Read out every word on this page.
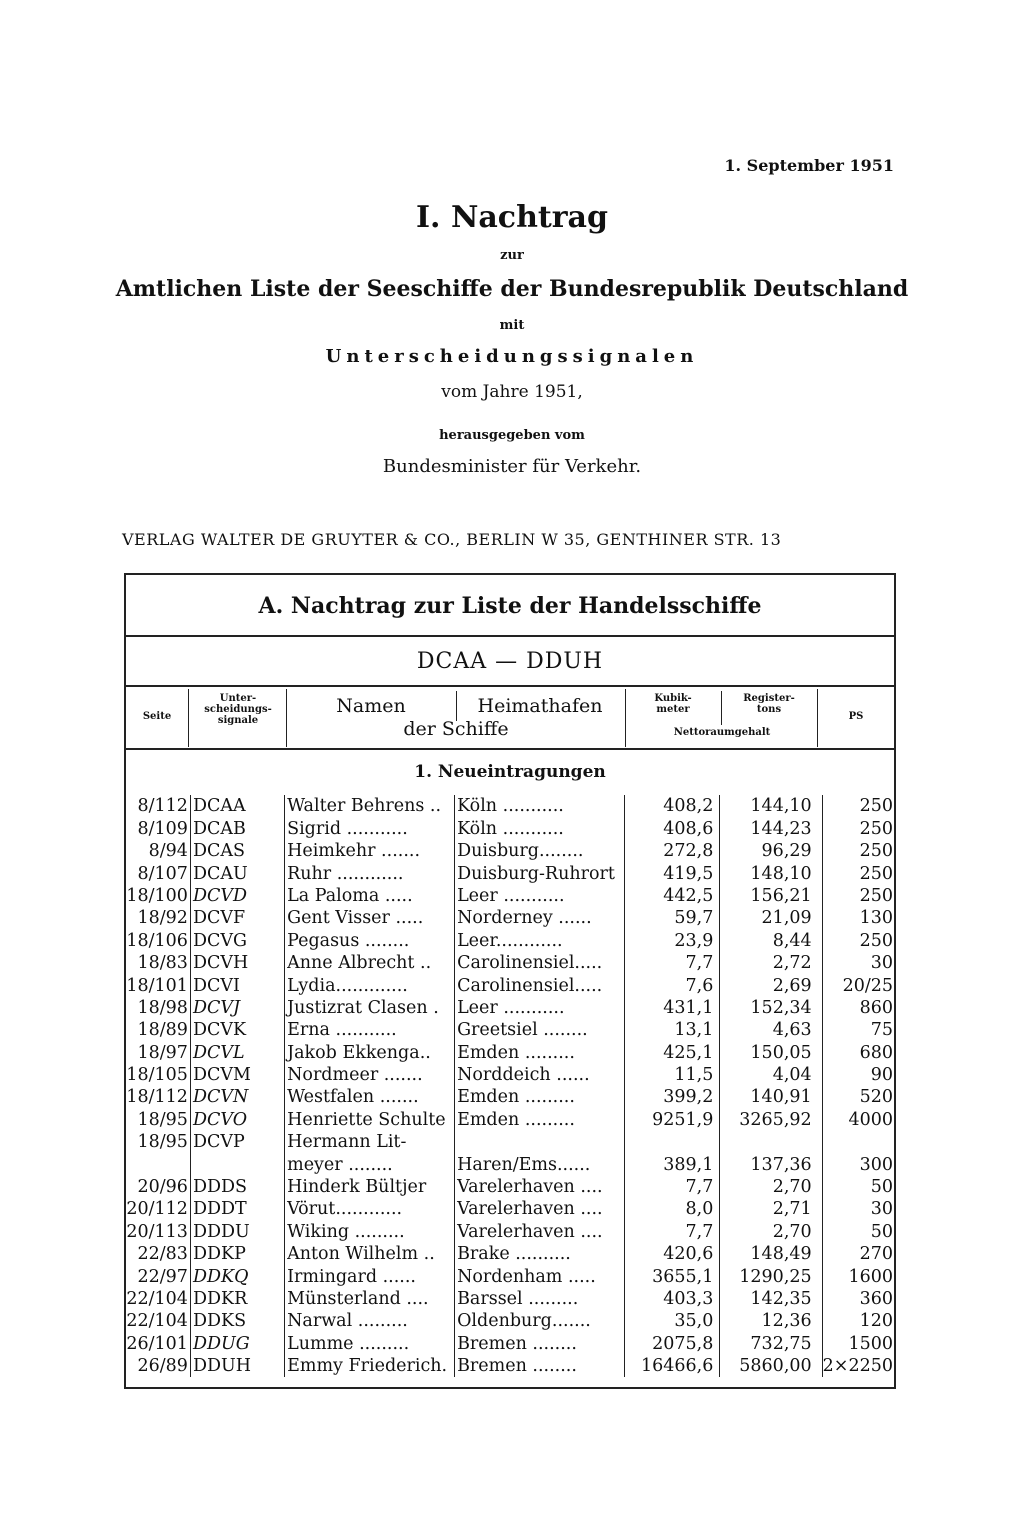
1. September 1951
I. Nachtrag
zur
Amtlichen Liste der Seeschiffe der Bundesrepublik Deutschland
mit
Unterscheidungssignalen
vom Jahre 1951,
herausgegeben vom
Bundesminister für Verkehr.
VERLAG WALTER DE GRUYTER & CO., BERLIN W 35, GENTHINER STR. 13
A. Nachtrag zur Liste der Handelsschiffe
DCAA — DDUH
Seite
Unter-
scheidungs-
signale
Namen	Heimathafen
der Schiffe
Kubik-
meter
Register-
tons
Nettoraumgehalt
PS
1. Neueintragungen
8/112	DCAA	Walter Behrens ..	Köln ...........	408,2	144,10	250
8/109	DCAB	Sigrid ...........	Köln ...........	408,6	144,23	250
8/94	DCAS	Heimkehr .......	Duisburg........	272,8	96,29	250
8/107	DCAU	Ruhr ............	Duisburg-Ruhrort	419,5	148,10	250
18/100	DCVD	La Paloma .....	Leer ...........	442,5	156,21	250
18/92	DCVF	Gent Visser .....	Norderney ......	59,7	21,09	130
18/106	DCVG	Pegasus ........	Leer............	23,9	8,44	250
18/83	DCVH	Anne Albrecht ..	Carolinensiel.....	7,7	2,72	30
18/101	DCVI	Lydia.............	Carolinensiel.....	7,6	2,69	20/25
18/98	DCVJ	Justizrat Clasen .	Leer ...........	431,1	152,34	860
18/89	DCVK	Erna ...........	Greetsiel ........	13,1	4,63	75
18/97	DCVL	Jakob Ekkenga..	Emden .........	425,1	150,05	680
18/105	DCVM	Nordmeer .......	Norddeich ......	11,5	4,04	90
18/112	DCVN	Westfalen .......	Emden .........	399,2	140,91	520
18/95	DCVO	Henriette Schulte	Emden .........	9251,9	3265,92	4000
18/95	DCVP	Hermann Lit-				
		meyer ........	Haren/Ems......	389,1	137,36	300
20/96	DDDS	Hinderk Bültjer	Varelerhaven ....	7,7	2,70	50
20/112	DDDT	Vörut............	Varelerhaven ....	8,0	2,71	30
20/113	DDDU	Wiking .........	Varelerhaven ....	7,7	2,70	50
22/83	DDKP	Anton Wilhelm ..	Brake ..........	420,6	148,49	270
22/97	DDKQ	Irmingard ......	Nordenham .....	3655,1	1290,25	1600
22/104	DDKR	Münsterland ....	Barssel .........	403,3	142,35	360
22/104	DDKS	Narwal .........	Oldenburg.......	35,0	12,36	120
26/101	DDUG	Lumme .........	Bremen ........	2075,8	732,75	1500
26/89	DDUH	Emmy Friederich.	Bremen ........	16466,6	5860,00	2×2250
